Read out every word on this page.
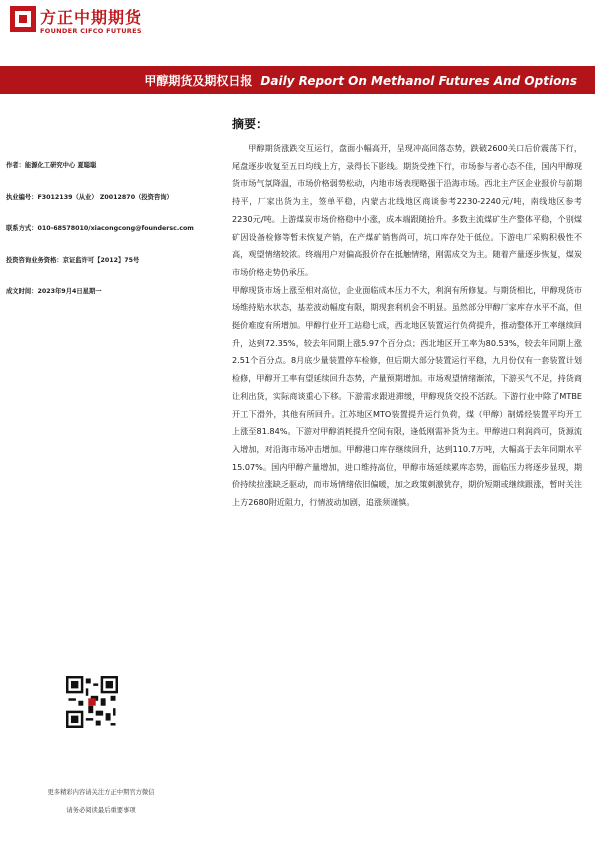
方正中期期货
FOUNDER CIFCO FUTURES
甲醇期货及期权日报 Daily Report On Methanol Futures And Options
作者：能源化工研究中心 夏聪聪
执业编号：F3012139（从业） Z0012870（投资咨询）
联系方式：010-68578010/xiacongcong@foundersc.com
投资咨询业务资格：京证监许可【2012】75号
成文时间：2023年9月4日星期一
更多精彩内容请关注方正中期官方微信
请务必阅读最后重要事项
摘要：

甲醇期货涨跌交互运行，盘面小幅高开，呈现冲高回落态势，跌破2600关口后价震荡下行，尾盘逐步收复至五日均线上方，录得长下影线。期货受挫下行，市场参与者心态不佳，国内甲醇现货市场气氛降温，市场价格弱势松动，内地市场表现略强于沿海市场。西北主产区企业报价与前期持平，厂家出货为主，签单平稳，内蒙古北线地区商谈参考2230-2240元/吨，南线地区参考2230元/吨。上游煤炭市场价格稳中小涨，成本端跟随抬升。多数主流煤矿生产整体平稳，个别煤矿因设备检修等暂未恢复产销，在产煤矿销售尚可，坑口库存处于低位。下游电厂采购积极性不高，观望情绪较浓。终端用户对偏高报价存在抵触情绪，刚需成交为主。随着产量逐步恢复，煤炭市场价格走势仍承压。

甲醇现货市场上涨至相对高位，企业面临成本压力不大，利润有所修复。与期货相比，甲醇现货市场维持贴水状态，基差波动幅度有限，期现套利机会不明显。虽然部分甲醇厂家库存水平不高，但挺价难度有所增加。甲醇行业开工站稳七成，西北地区装置运行负荷提升，推动整体开工率继续回升，达到72.35%，较去年同期上涨5.97个百分点；西北地区开工率为80.53%，较去年同期上涨2.51个百分点。8月底少量装置停车检修，但后期大部分装置运行平稳，九月份仅有一套装置计划检修，甲醇开工率有望延续回升态势，产量预期增加。市场观望情绪渐浓，下游买气不足，持货商让利出货，实际商谈重心下移。下游需求跟进滞缓，甲醇现货交投不活跃。下游行业中除了MTBE开工下滑外，其他有所回升。江苏地区MTO装置提升运行负荷，煤（甲醇）制烯烃装置平均开工上涨至81.84%。下游对甲醇消耗提升空间有限，逢低刚需补货为主。甲醇进口利润尚可，货源流入增加，对沿海市场冲击增加。甲醇港口库存继续回升，达到110.7万吨，大幅高于去年同期水平15.07%。国内甲醇产量增加，进口维持高位，甲醇市场延续累库态势，面临压力将逐步显现，期价持续拉涨缺乏驱动，而市场情绪依旧偏暖，加之政策刺激犹存，期价短期或继续跟涨，暂时关注上方2680附近阻力，行情波动加剧，追涨须谨慎。
